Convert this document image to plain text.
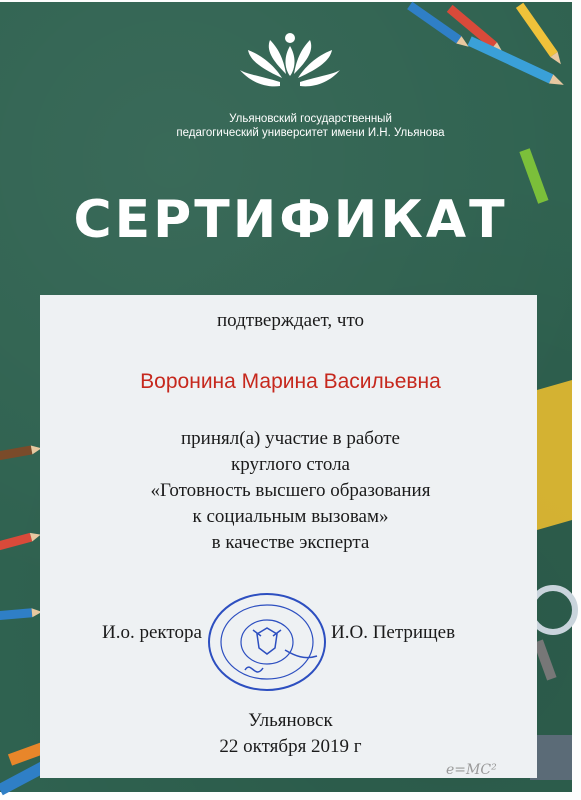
Ульяновский государственный
педагогический университет имени И.Н. Ульянова
СЕРТИФИКАТ
подтверждает, что
Воронина Марина Васильевна
принял(а) участие в работе
круглого стола
«Готовность высшего образования
к социальным вызовам»
в качестве эксперта
И.о. ректора	И.О. Петрищев
Ульяновск
22 октября 2019 г
e=MC²
